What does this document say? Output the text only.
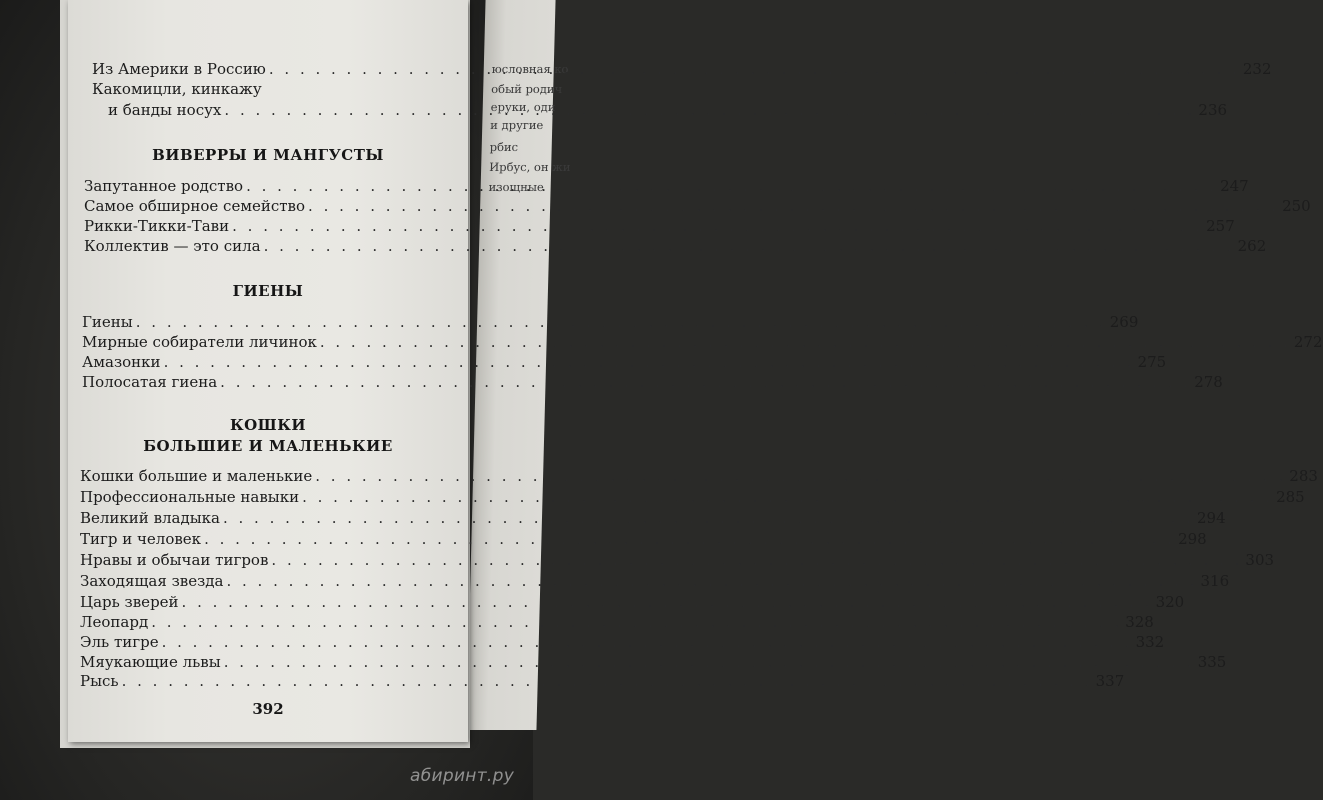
юсловная ко
обый родич
еруки, оди
и другие
рбис
Ирбус, он жи
изощные
Из Америки в Россию . . .	232
Какомицли, кинкажу
и банды носух . . .	236
ВИВЕРРЫ И МАНГУСТЫ
Запутанное родство . . .	247
Самое обширное семейство . . .	250
Рикки-Тикки-Тави . . .	257
Коллектив — это сила . . .	262
ГИЕНЫ
Гиены . . .	269
Мирные собиратели личинок . . .	272
Амазонки . . .	275
Полосатая гиена . . .	278
КОШКИ
БОЛЬШИЕ И МАЛЕНЬКИЕ
Кошки большие и маленькие . . .	283
Профессиональные навыки . . .	285
Великий владыка . . .	294
Тигр и человек . . .	298
Нравы и обычаи тигров . . .	303
Заходящая звезда . . .	316
Царь зверей . . .	320
Леопард . . .	328
Эль тигре . . .	332
Мяукающие львы . . .	335
Рысь . . .	337
392
абиринт.ру
